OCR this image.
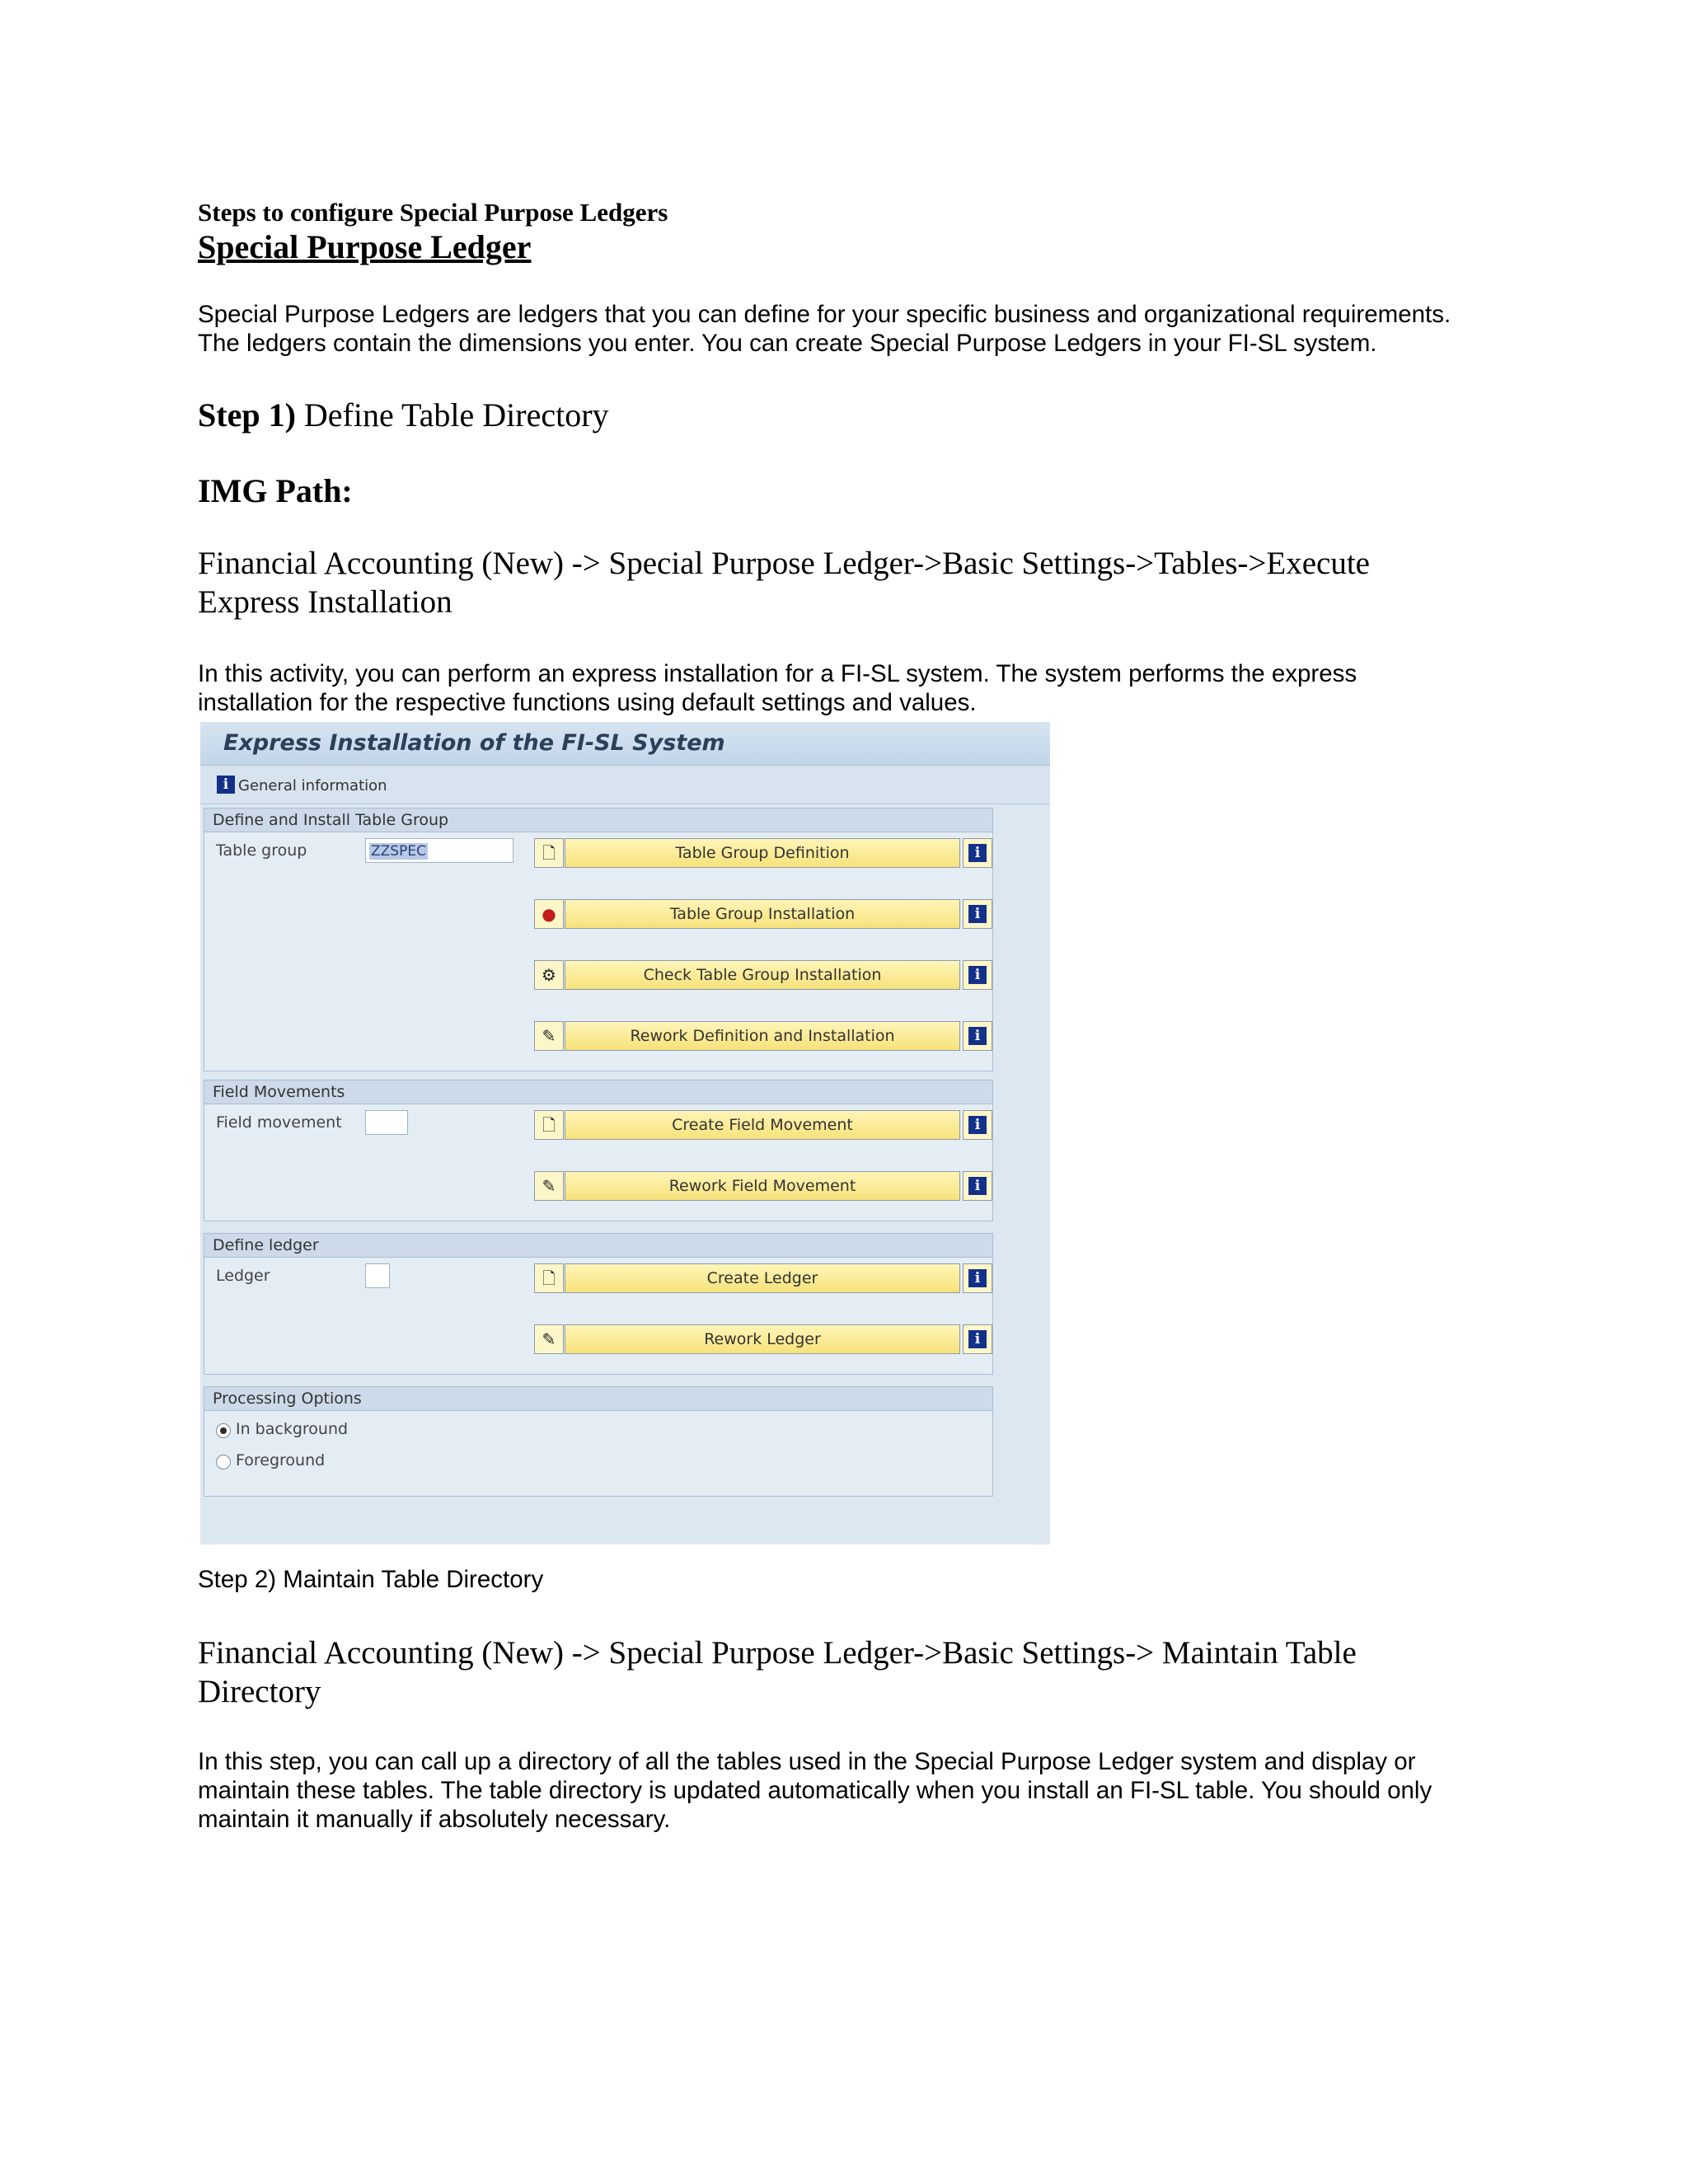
Steps to configure Special Purpose Ledgers
Special Purpose Ledger
Special Purpose Ledgers are ledgers that you can define for your specific business and organizational requirements.
The ledgers contain the dimensions you enter. You can create Special Purpose Ledgers in your FI-SL system.
Step 1) Define Table Directory
IMG Path:
Financial Accounting (New) -> Special Purpose Ledger->Basic Settings->Tables->Execute
Express Installation
In this activity, you can perform an express installation for a FI-SL system. The system performs the express
installation for the respective functions using default settings and values.
Express Installation of the FI-SL System
i General information
Define and Install Table Group
Table group	ZZSPEC	🗋	Table Group Definition	i
●	Table Group Installation	i
⚙	Check Table Group Installation	i
✎	Rework Definition and Installation	i
Field Movements
Field movement	🗋	Create Field Movement	i
✎	Rework Field Movement	i
Define ledger
Ledger	🗋	Create Ledger	i
✎	Rework Ledger	i
Processing Options
In background
Foreground
Step 2) Maintain Table Directory
Financial Accounting (New) -> Special Purpose Ledger->Basic Settings-> Maintain Table
Directory
In this step, you can call up a directory of all the tables used in the Special Purpose Ledger system and display or
maintain these tables. The table directory is updated automatically when you install an FI-SL table. You should only
maintain it manually if absolutely necessary.
